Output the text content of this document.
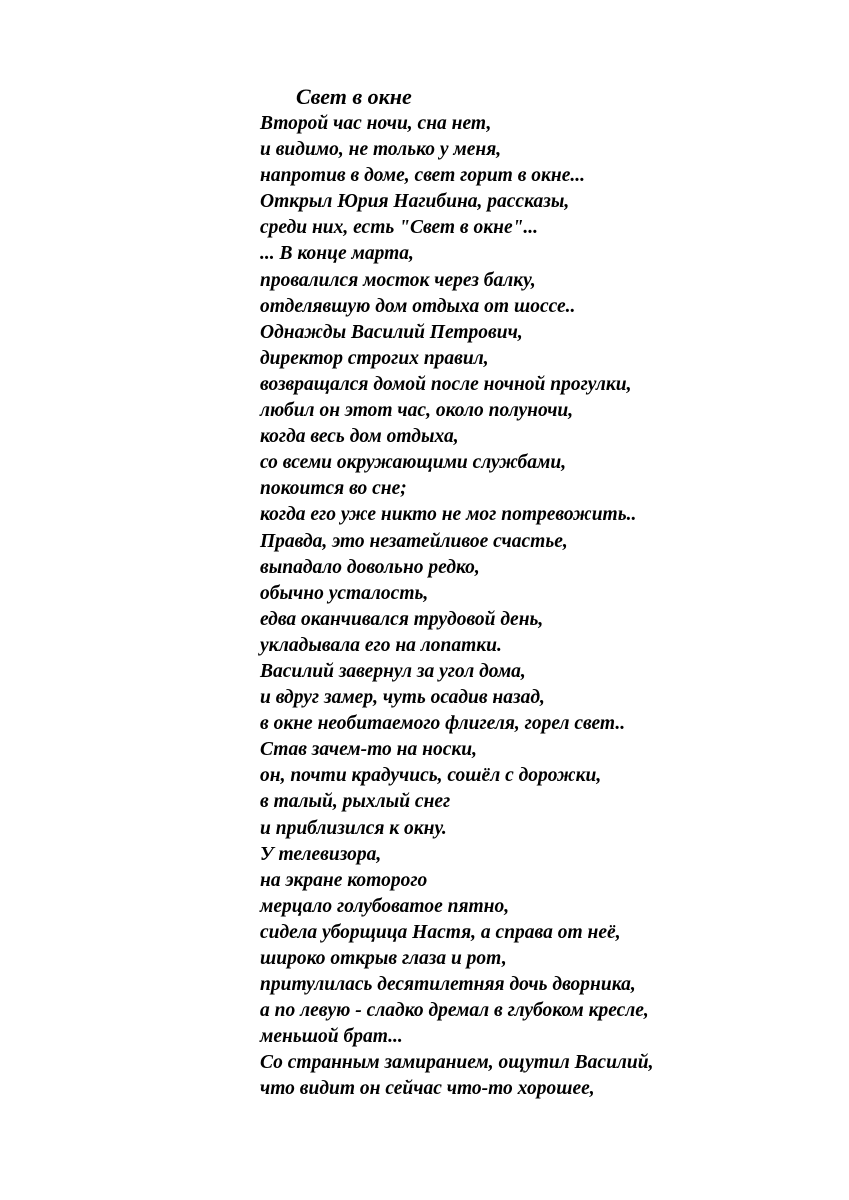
Свет в окне
Второй час ночи, сна нет,
и видимо, не только у меня,
напротив в доме, свет горит в окне...
Открыл Юрия Нагибина, рассказы,
среди них, есть "Свет в окне"...
... В конце марта,
провалился мосток через балку,
отделявшую дом отдыха от шоссе..
Однажды Василий Петрович,
директор строгих правил,
возвращался домой после ночной прогулки,
любил он этот час, около полуночи,
когда весь дом отдыха,
со всеми окружающими службами,
покоится во сне;
когда его уже никто не мог потревожить..
Правда, это незатейливое счастье,
выпадало довольно редко,
обычно усталость,
едва оканчивался трудовой день,
укладывала его на лопатки.
Василий завернул за угол дома,
и вдруг замер, чуть осадив назад,
в окне необитаемого флигеля, горел свет..
Став зачем-то на носки,
он, почти крадучись, сошёл с дорожки,
в талый, рыхлый снег
и приблизился к окну.
У телевизора,
на экране которого
мерцало голубоватое пятно,
сидела уборщица Настя, а справа от неё,
широко открыв глаза и рот,
притулилась десятилетняя дочь дворника,
а по левую - сладко дремал в глубоком кресле,
меньшой брат...
Со странным замиранием, ощутил Василий,
что видит он сейчас что-то хорошее,
